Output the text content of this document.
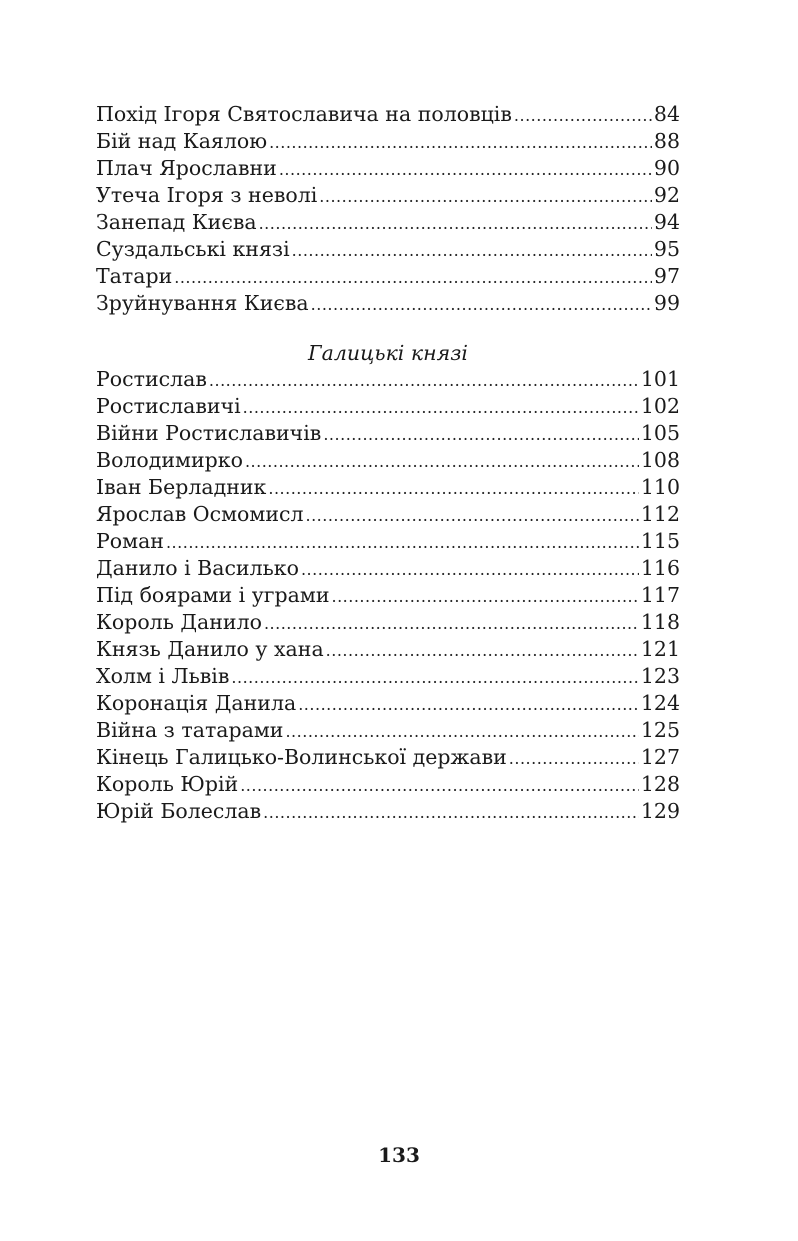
Похід Ігоря Святославича на половців .....	84
Бій над Каялою .....	88
Плач Ярославни .....	90
Утеча Ігоря з неволі .....	92
Занепад Києва .....	94
Суздальські князі .....	95
Татари .....	97
Зруйнування Києва .....	99
Галицькі князі
Ростислав .....	101
Ростиславичі .....	102
Війни Ростиславичів .....	105
Володимирко .....	108
Іван Берладник .....	110
Ярослав Осмомисл .....	112
Роман .....	115
Данило і Василько .....	116
Під боярами і уграми .....	117
Король Данило .....	118
Князь Данило у хана .....	121
Холм і Львів .....	123
Коронація Данила .....	124
Війна з татарами .....	125
Кінець Галицько-Волинської держави .....	127
Король Юрій .....	128
Юрій Болеслав .....	129
133
